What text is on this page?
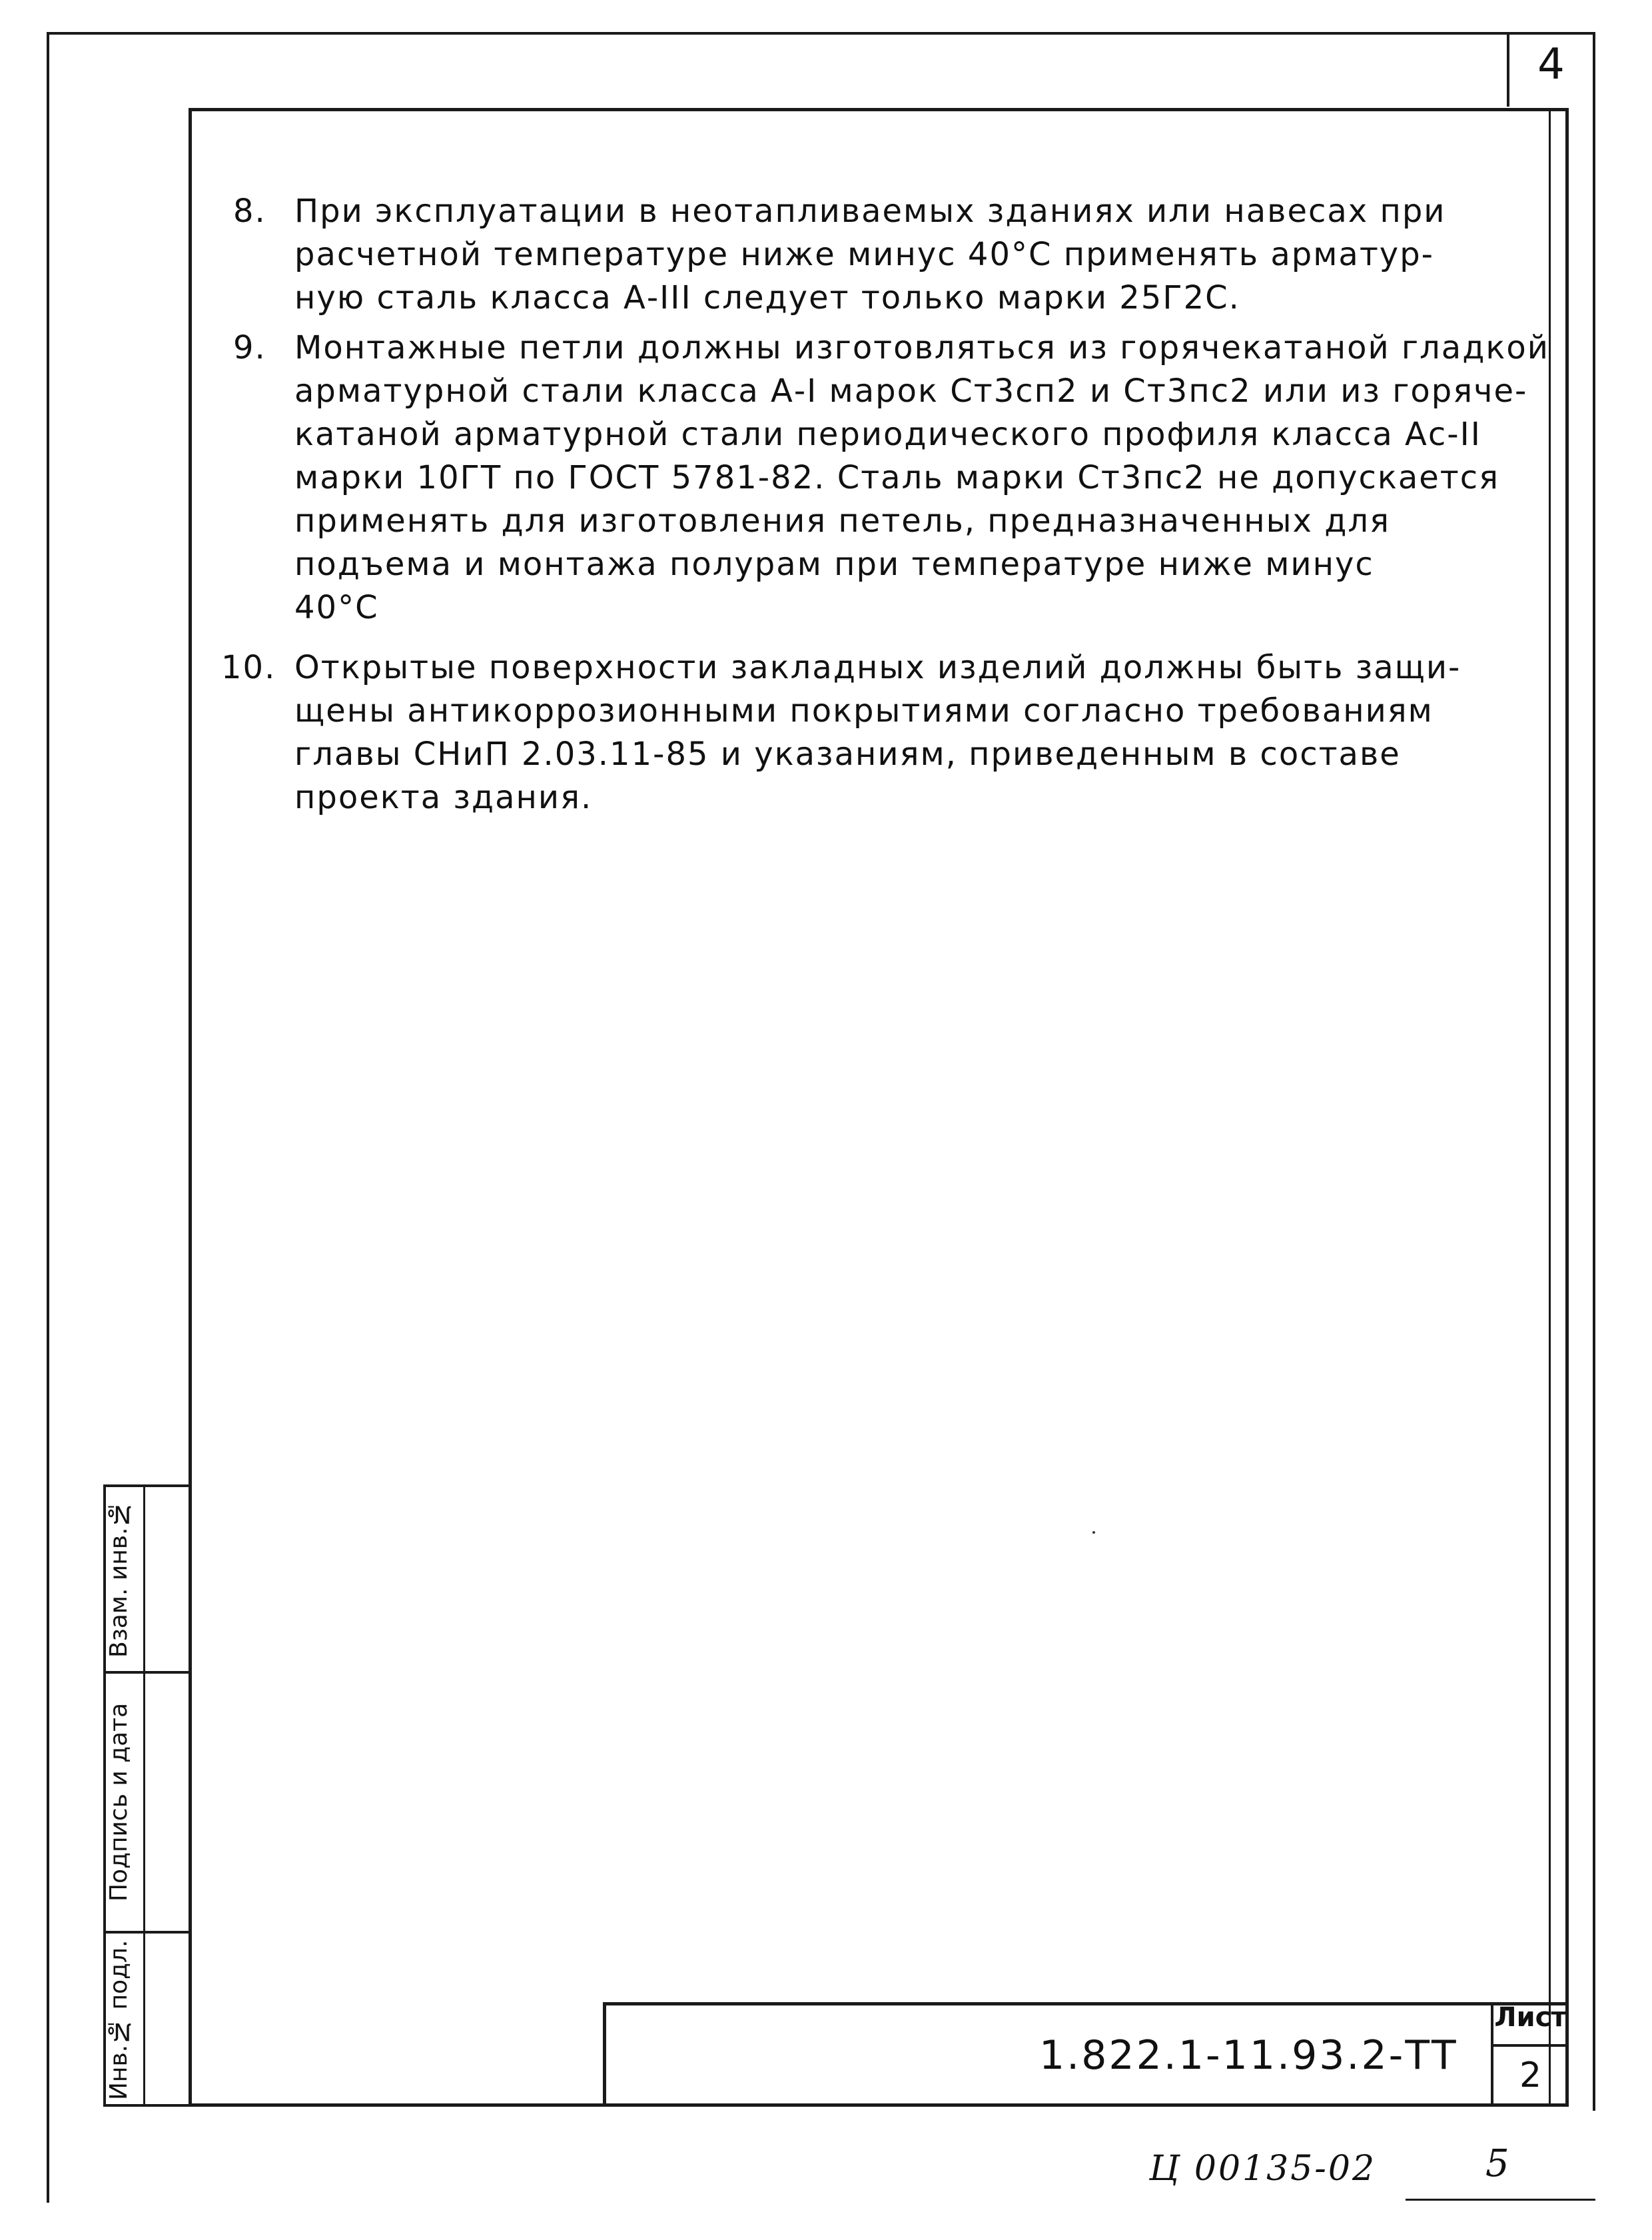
4
8. При эксплуатации в неотапливаемых зданиях или навесах при
расчетной температуре ниже минус 40°С применять арматур-
ную сталь класса А-III следует только марки 25Г2С.
9. Монтажные петли должны изготовляться из горячекатаной гладкой
арматурной стали класса А-I марок Ст3сп2 и Ст3пс2 или из горяче-
катаной арматурной стали периодического профиля класса Ас-II
марки 10ГТ по ГОСТ 5781-82. Сталь марки Ст3пс2 не допускается
применять для изготовления петель, предназначенных для
подъема и монтажа полурам при температуре ниже минус
40°С
10. Открытые поверхности закладных изделий должны быть защи-
щены антикоррозионными покрытиями согласно требованиям
главы СНиП 2.03.11-85 и указаниям, приведенным в составе
проекта здания.
Взам. инв.№
Подпись и дата
Инв.№ подл.	1.822.1-11.93.2-ТТ
Лист
2
Ц 00135-02	5
